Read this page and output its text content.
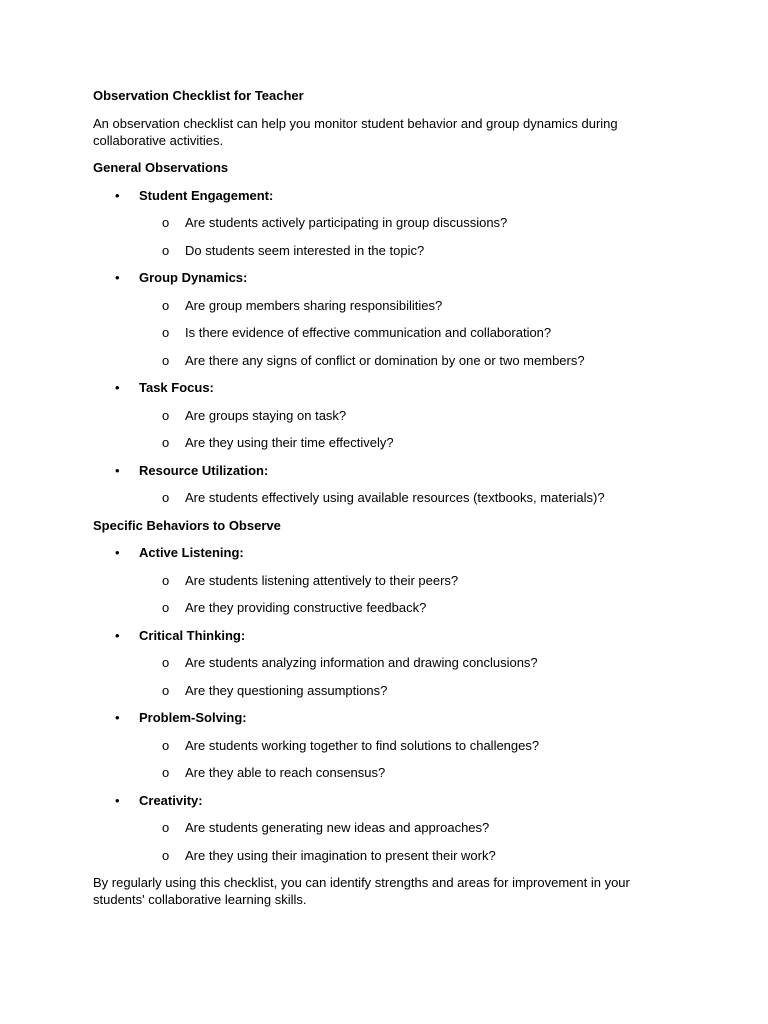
Observation Checklist for Teacher

An observation checklist can help you monitor student behavior and group dynamics during collaborative activities.

General Observations

• Student Engagement:
o Are students actively participating in group discussions?
o Do students seem interested in the topic?
• Group Dynamics:
o Are group members sharing responsibilities?
o Is there evidence of effective communication and collaboration?
o Are there any signs of conflict or domination by one or two members?
• Task Focus:
o Are groups staying on task?
o Are they using their time effectively?
• Resource Utilization:
o Are students effectively using available resources (textbooks, materials)?

Specific Behaviors to Observe

• Active Listening:
o Are students listening attentively to their peers?
o Are they providing constructive feedback?
• Critical Thinking:
o Are students analyzing information and drawing conclusions?
o Are they questioning assumptions?
• Problem-Solving:
o Are students working together to find solutions to challenges?
o Are they able to reach consensus?
• Creativity:
o Are students generating new ideas and approaches?
o Are they using their imagination to present their work?

By regularly using this checklist, you can identify strengths and areas for improvement in your students' collaborative learning skills.
